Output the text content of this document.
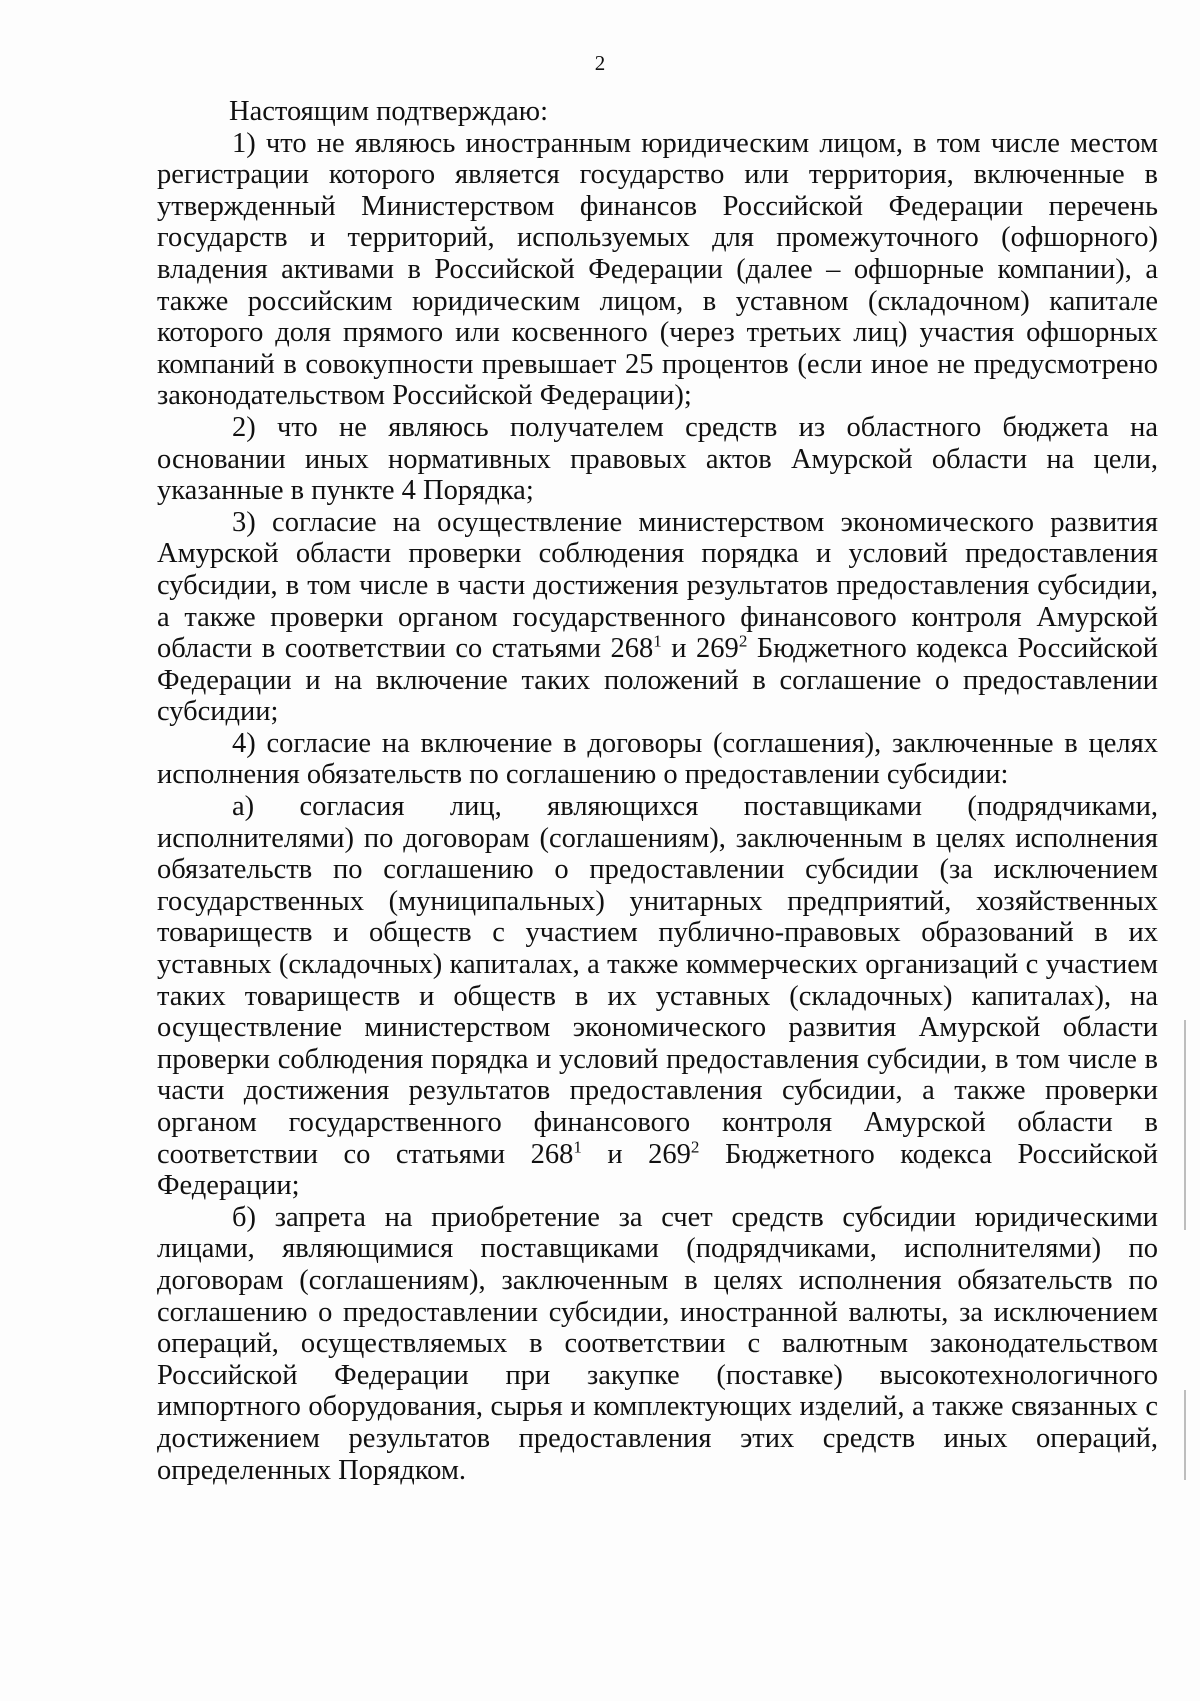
2

Настоящим подтверждаю:

1) что не являюсь иностранным юридическим лицом, в том числе местом регистрации которого является государство или территория, включенные в утвержденный Министерством финансов Российской Федерации перечень государств и территорий, используемых для промежуточного (офшорного) владения активами в Российской Федерации (далее – офшорные компании), а также российским юридическим лицом, в уставном (складочном) капитале которого доля прямого или косвенного (через третьих лиц) участия офшорных компаний в совокупности превышает 25 процентов (если иное не предусмотрено законодательством Российской Федерации);

2) что не являюсь получателем средств из областного бюджета на основании иных нормативных правовых актов Амурской области на цели, указанные в пункте 4 Порядка;

3) согласие на осуществление министерством экономического развития Амурской области проверки соблюдения порядка и условий предоставления субсидии, в том числе в части достижения результатов предоставления субсидии, а также проверки органом государственного финансового контроля Амурской области в соответствии со статьями $268^1$ и $269^2$ Бюджетного кодекса Российской Федерации и на включение таких положений в соглашение о предоставлении субсидии;

4) согласие на включение в договоры (соглашения), заключенные в целях исполнения обязательств по соглашению о предоставлении субсидии:

а) согласия лиц, являющихся поставщиками (подрядчиками, исполнителями) по договорам (соглашениям), заключенным в целях исполнения обязательств по соглашению о предоставлении субсидии (за исключением государственных (муниципальных) унитарных предприятий, хозяйственных товариществ и обществ с участием публично-правовых образований в их уставных (складочных) капиталах, а также коммерческих организаций с участием таких товариществ и обществ в их уставных (складочных) капиталах), на осуществление министерством экономического развития Амурской области проверки соблюдения порядка и условий предоставления субсидии, в том числе в части достижения результатов предоставления субсидии, а также проверки органом государственного финансового контроля Амурской области в соответствии со статьями $268^1$ и $269^2$ Бюджетного кодекса Российской Федерации;

б) запрета на приобретение за счет средств субсидии юридическими лицами, являющимися поставщиками (подрядчиками, исполнителями) по договорам (соглашениям), заключенным в целях исполнения обязательств по соглашению о предоставлении субсидии, иностранной валюты, за исключением операций, осуществляемых в соответствии с валютным законодательством Российской Федерации при закупке (поставке) высокотехнологичного импортного оборудования, сырья и комплектующих изделий, а также связанных с достижением результатов предоставления этих средств иных операций, определенных Порядком.
